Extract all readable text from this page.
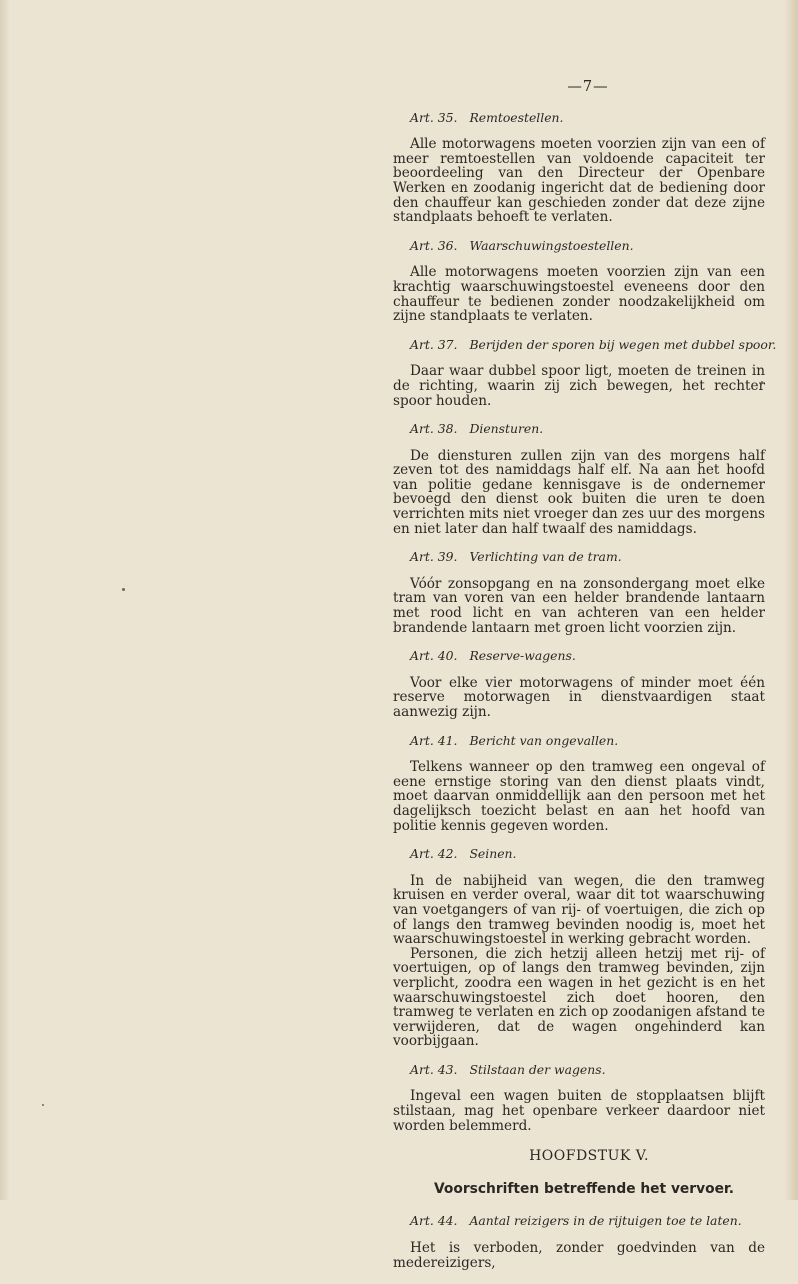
—7—
Art. 35. Remtoestellen.

Alle motorwagens moeten voorzien zijn van een of meer remtoestellen van voldoende capaciteit ter beoordeeling van den Directeur der Openbare Werken en zoodanig ingericht dat de bediening door den chauffeur kan geschieden zonder dat deze zijne standplaats behoeft te verlaten.

Art. 36. Waarschuwingstoestellen.

Alle motorwagens moeten voorzien zijn van een krachtig waarschuwingstoestel eveneens door den chauffeur te bedienen zonder noodzakelijkheid om zijne standplaats te verlaten.

Art. 37. Berijden der sporen bij wegen met dubbel spoor.

Daar waar dubbel spoor ligt, moeten de treinen in de richting, waarin zij zich bewegen, het rechter spoor houden.

Art. 38. Diensturen.

De diensturen zullen zijn van des morgens half zeven tot des namiddags half elf. Na aan het hoofd van politie gedane kennisgave is de ondernemer bevoegd den dienst ook buiten die uren te doen verrichten mits niet vroeger dan zes uur des morgens en niet later dan half twaalf des namiddags.

Art. 39. Verlichting van de tram.

Vóór zonsopgang en na zonsondergang moet elke tram van voren van een helder brandende lantaarn met rood licht en van achteren van een helder brandende lantaarn met groen licht voorzien zijn.

Art. 40. Reserve-wagens.

Voor elke vier motorwagens of minder moet één reserve motorwagen in dienstvaardigen staat aanwezig zijn.

Art. 41. Bericht van ongevallen.

Telkens wanneer op den tramweg een ongeval of eene ernstige storing van den dienst plaats vindt, moet daarvan onmiddellijk aan den persoon met het dagelijksch toezicht belast en aan het hoofd van politie kennis gegeven worden.

Art. 42. Seinen.

In de nabijheid van wegen, die den tramweg kruisen en verder overal, waar dit tot waarschuwing van voetgangers of van rij- of voertuigen, die zich op of langs den tramweg bevinden noodig is, moet het waarschuwingstoestel in werking gebracht worden.

Personen, die zich hetzij alleen hetzij met rij- of voertuigen, op of langs den tramweg bevinden, zijn verplicht, zoodra een wagen in het gezicht is en het waarschuwingstoestel zich doet hooren, den tramweg te verlaten en zich op zoodanigen afstand te verwijderen, dat de wagen ongehinderd kan voorbijgaan.

Art. 43. Stilstaan der wagens.

Ingeval een wagen buiten de stopplaatsen blijft stilstaan, mag het openbare verkeer daardoor niet worden belemmerd.

HOOFDSTUK V.
Voorschriften betreffende het vervoer.
Art. 44. Aantal reizigers in de rijtuigen toe te laten.

Het is verboden, zonder goedvinden van de medereizigers,
